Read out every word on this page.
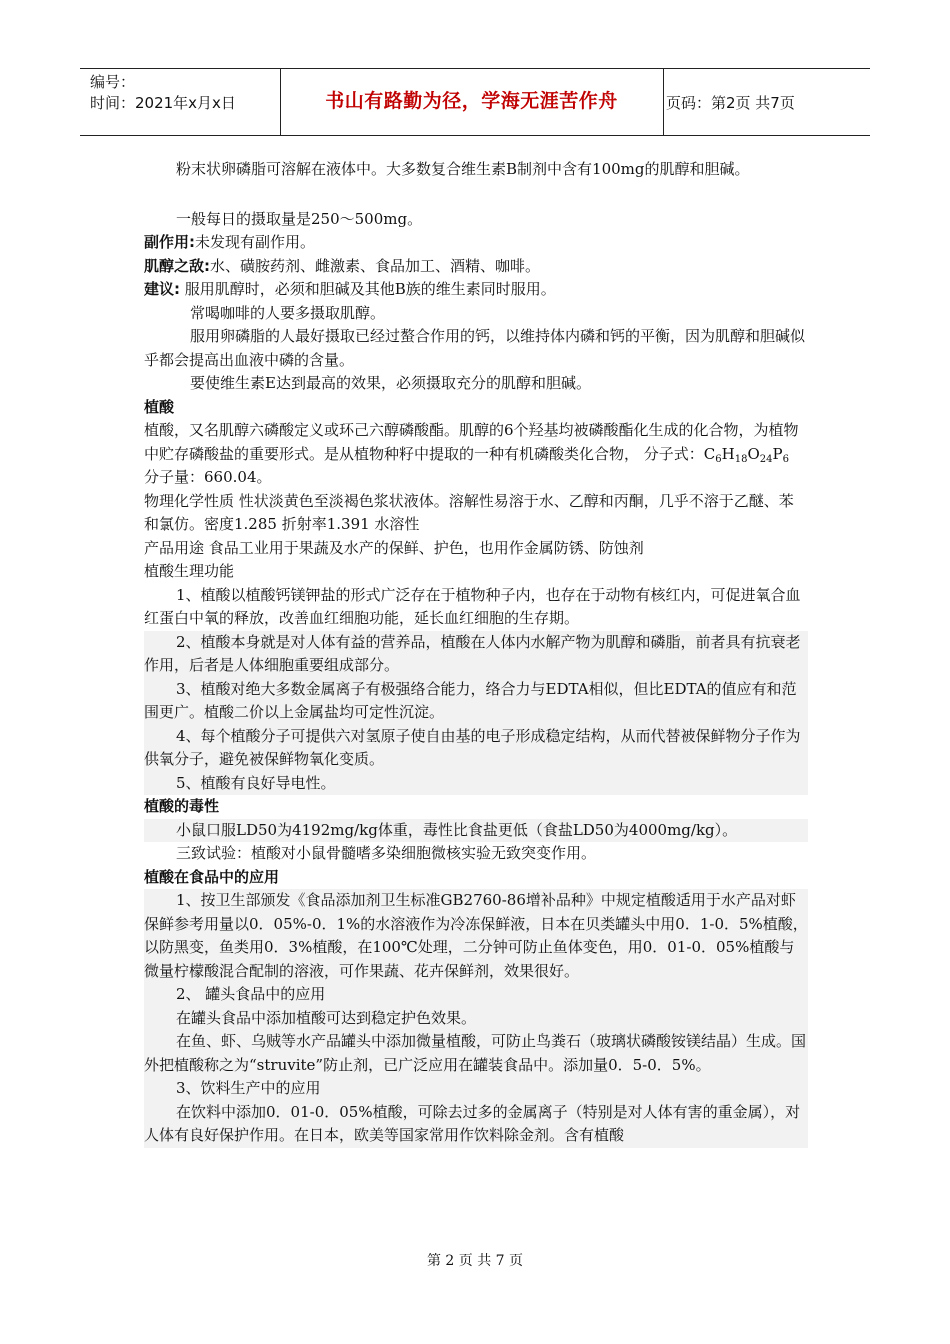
编号：
时间：2021年x月x日	书山有路勤为径，学海无涯苦作舟	页码：第2页 共7页

粉末状卵磷脂可溶解在液体中。大多数复合维生素B制剂中含有100mg的肌醇和胆碱。

一般每日的摄取量是250～500mg。

副作用:未发现有副作用。

肌醇之敌:水、磺胺药剂、雌激素、食品加工、酒精、咖啡。

建议: 服用肌醇时，必须和胆碱及其他B族的维生素同时服用。

常喝咖啡的人要多摄取肌醇。

服用卵磷脂的人最好摄取已经过螯合作用的钙，以维持体内磷和钙的平衡，因为肌醇和胆碱似乎都会提高出血液中磷的含量。

要使维生素E达到最高的效果，必须摄取充分的肌醇和胆碱。

植酸

植酸，又名肌醇六磷酸定义或环己六醇磷酸酯。肌醇的6个羟基均被磷酸酯化生成的化合物，为植物中贮存磷酸盐的重要形式。是从植物种籽中提取的一种有机磷酸类化合物， 分子式：$C_6H_{18}O_{24}P_6$ 分子量：660.04。

物理化学性质 性状淡黄色至淡褐色浆状液体。溶解性易溶于水、乙醇和丙酮，几乎不溶于乙醚、苯和氯仿。密度1.285 折射率1.391 水溶性

产品用途 食品工业用于果蔬及水产的保鲜、护色，也用作金属防锈、防蚀剂

植酸生理功能

1、植酸以植酸钙镁钾盐的形式广泛存在于植物种子内，也存在于动物有核红内，可促进氧合血红蛋白中氧的释放，改善血红细胞功能，延长血红细胞的生存期。

2、植酸本身就是对人体有益的营养品，植酸在人体内水解产物为肌醇和磷脂，前者具有抗衰老作用，后者是人体细胞重要组成部分。

3、植酸对绝大多数金属离子有极强络合能力，络合力与EDTA相似，但比EDTA的值应有和范围更广。植酸二价以上金属盐均可定性沉淀。

4、每个植酸分子可提供六对氢原子使自由基的电子形成稳定结构，从而代替被保鲜物分子作为供氧分子，避免被保鲜物氧化变质。

5、植酸有良好导电性。

植酸的毒性

小鼠口服LD50为4192mg/kg体重，毒性比食盐更低（食盐LD50为4000mg/kg）。

三致试验：植酸对小鼠骨髓嗜多染细胞微核实验无致突变作用。

植酸在食品中的应用

1、按卫生部颁发《食品添加剂卫生标准GB2760-86增补品种》中规定植酸适用于水产品对虾保鲜参考用量以0．05%-0．1%的水溶液作为冷冻保鲜液，日本在贝类罐头中用0．1-0．5%植酸，以防黑变，鱼类用0．3%植酸，在100℃处理，二分钟可防止鱼体变色，用0．01-0．05%植酸与微量柠檬酸混合配制的溶液，可作果蔬、花卉保鲜剂，效果很好。

2、 罐头食品中的应用

在罐头食品中添加植酸可达到稳定护色效果。

在鱼、虾、乌贼等水产品罐头中添加微量植酸，可防止鸟粪石（玻璃状磷酸铵镁结晶）生成。国外把植酸称之为“struvite”防止剂，已广泛应用在罐装食品中。添加量0．5-0．5%。

3、饮料生产中的应用

在饮料中添加0．01-0．05%植酸，可除去过多的金属离子（特别是对人体有害的重金属），对人体有良好保护作用。在日本，欧美等国家常用作饮料除金剂。含有植酸

第 2 页 共 7 页
